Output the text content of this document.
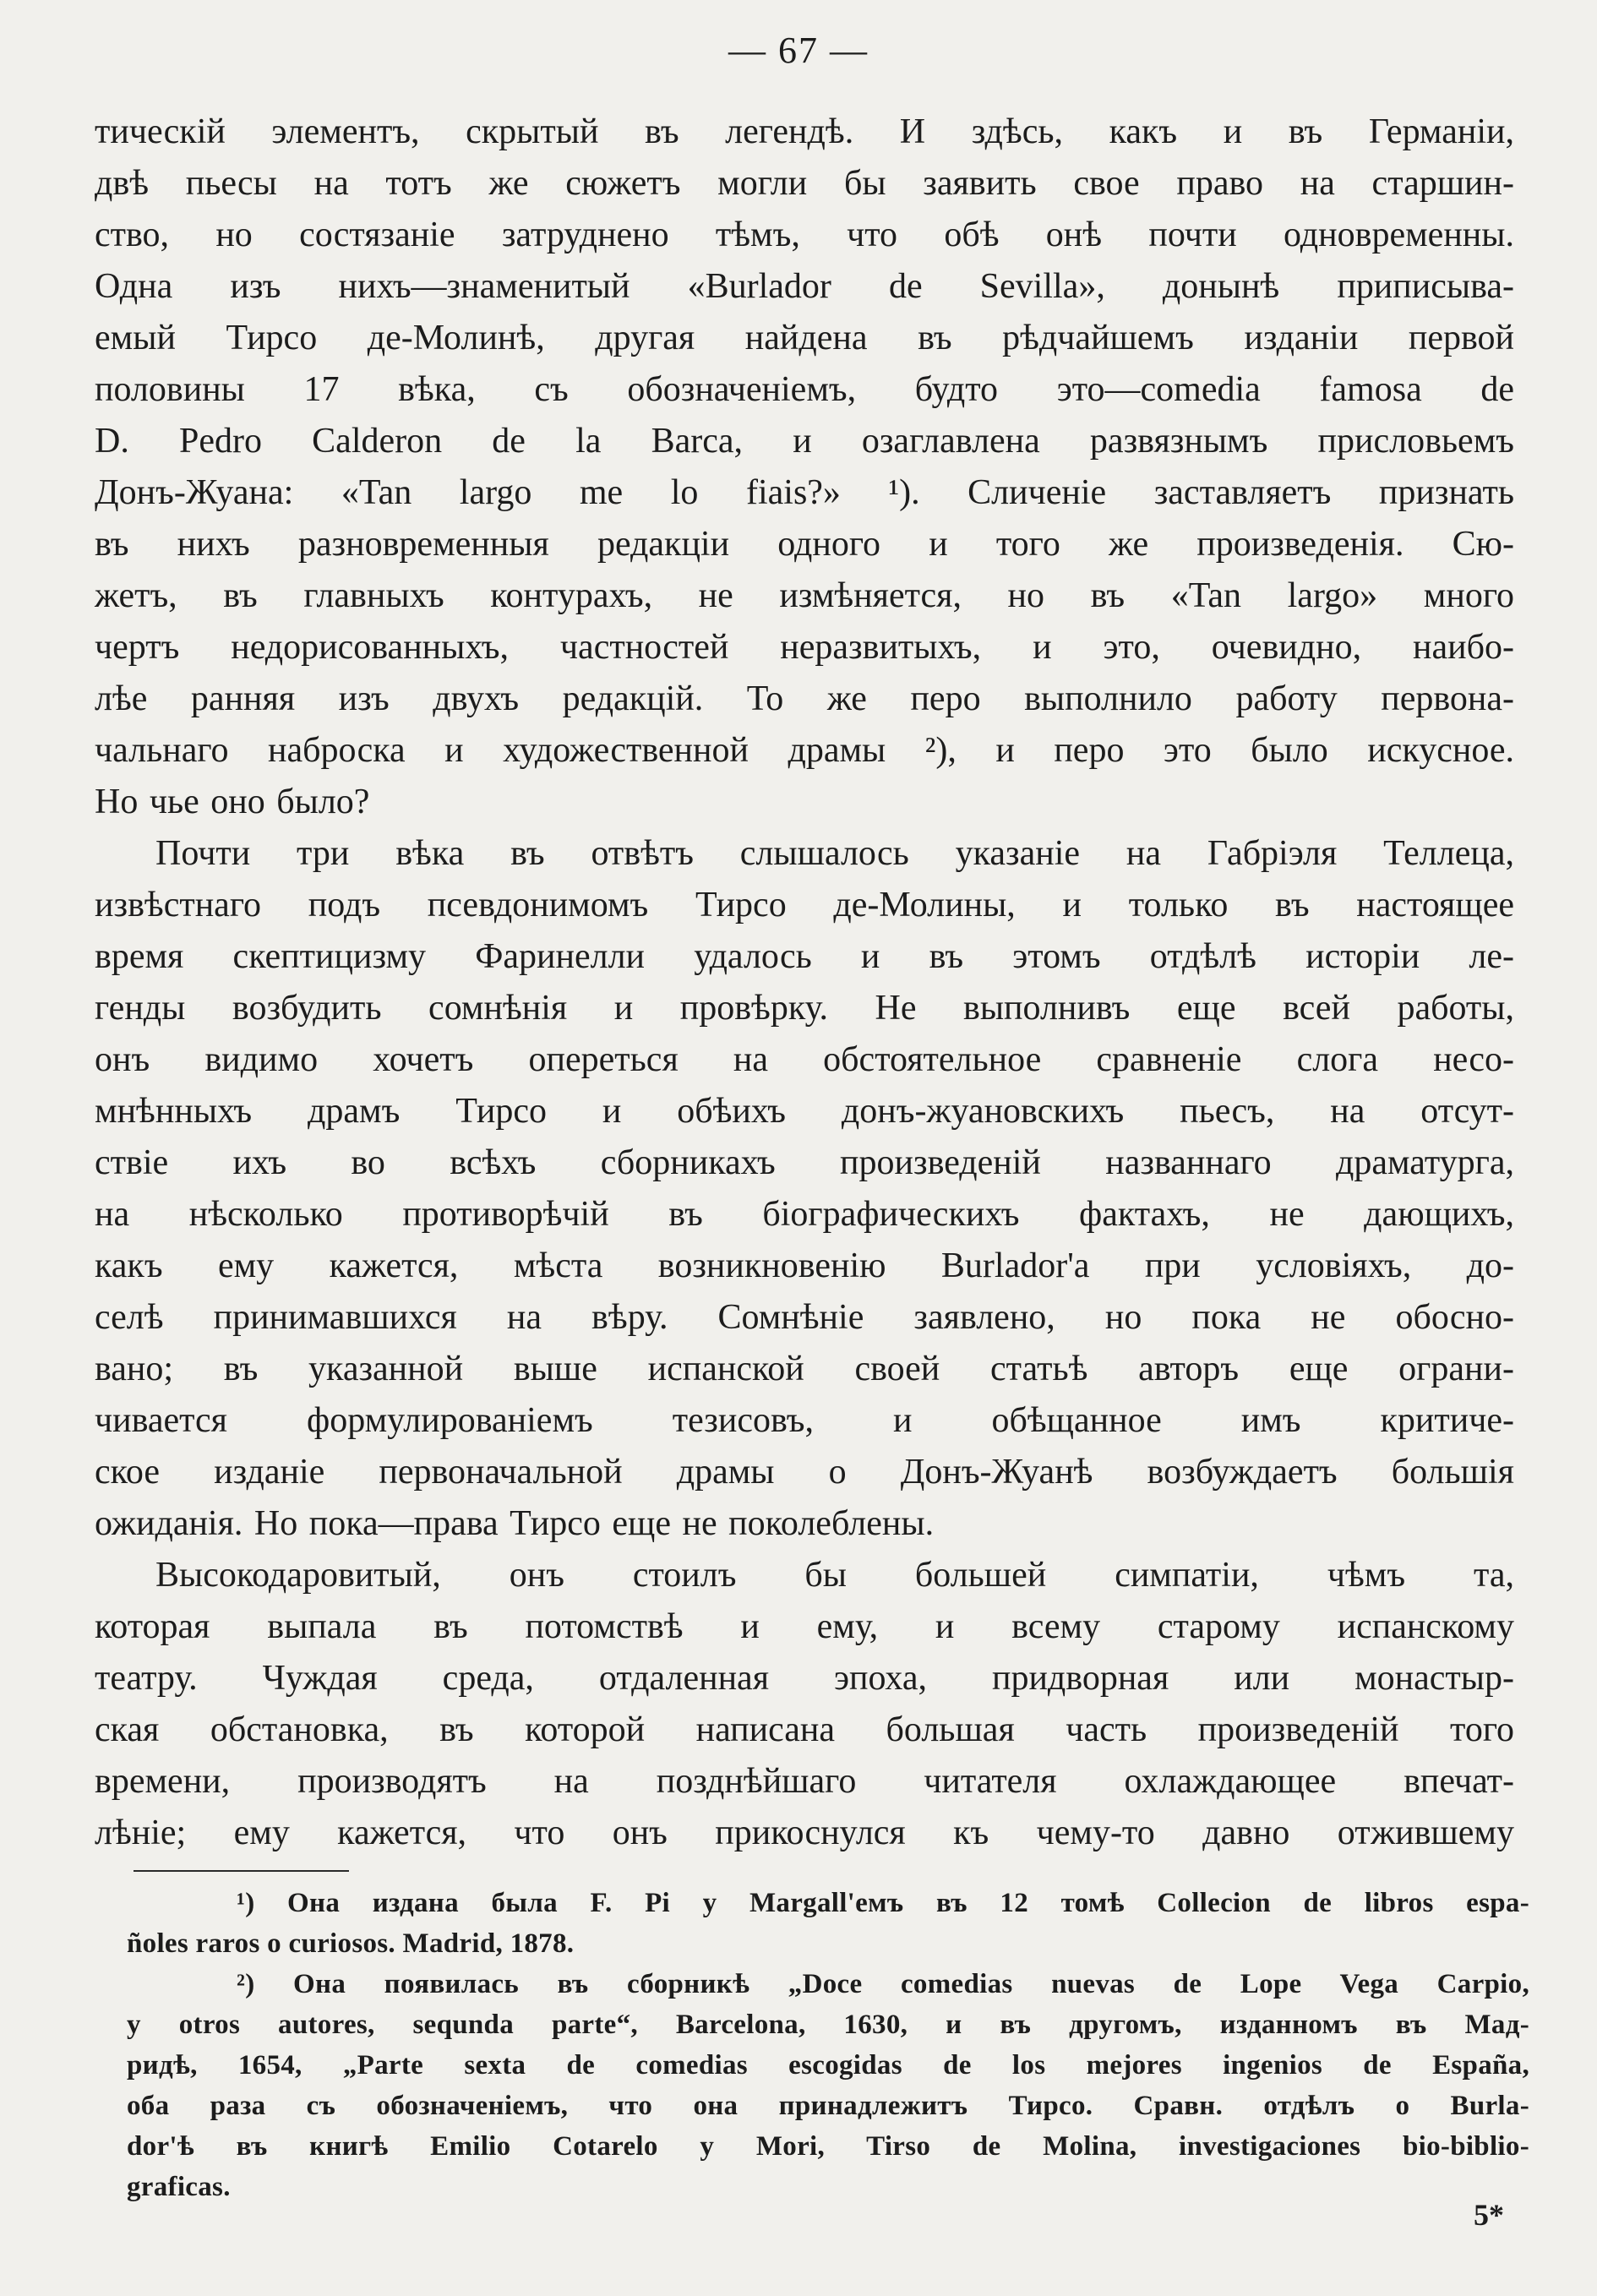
— 67 —
тическій элементъ, скрытый въ легендѣ. И здѣсь, какъ и въ Германіи,
двѣ пьесы на тотъ же сюжетъ могли бы заявить свое право на старшин-
ство, но состязаніе затруднено тѣмъ, что обѣ онѣ почти одновременны.
Одна изъ нихъ—знаменитый «Burlador de Sevilla», донынѣ приписыва-
емый Тирсо де-Молинѣ, другая найдена въ рѣдчайшемъ изданіи первой
половины 17 вѣка, съ обозначеніемъ, будто это—comedia famosa de
D. Pedro Calderon de la Barca, и озаглавлена развязнымъ присловьемъ
Донъ-Жуана: «Tan largo me lo fiais?» ¹). Сличеніе заставляетъ признать
въ нихъ разновременныя редакціи одного и того же произведенія. Сю-
жетъ, въ главныхъ контурахъ, не измѣняется, но въ «Tan largo» много
чертъ недорисованныхъ, частностей неразвитыхъ, и это, очевидно, наибо-
лѣе ранняя изъ двухъ редакцій. То же перо выполнило работу первона-
чальнаго наброска и художественной драмы ²), и перо это было искусное.
Но чье оно было?
Почти три вѣка въ отвѣтъ слышалось указаніе на Габріэля Теллеца,
извѣстнаго подъ псевдонимомъ Тирсо де-Молины, и только въ настоящее
время скептицизму Фаринелли удалось и въ этомъ отдѣлѣ исторіи ле-
генды возбудить сомнѣнія и провѣрку. Не выполнивъ еще всей работы,
онъ видимо хочетъ опереться на обстоятельное сравненіе слога несо-
мнѣнныхъ драмъ Тирсо и обѣихъ донъ-жуановскихъ пьесъ, на отсут-
ствіе ихъ во всѣхъ сборникахъ произведеній названнаго драматурга,
на нѣсколько противорѣчій въ біографическихъ фактахъ, не дающихъ,
какъ ему кажется, мѣста возникновенію Burlador'а при условіяхъ, до-
селѣ принимавшихся на вѣру. Сомнѣніе заявлено, но пока не обосно-
вано; въ указанной выше испанской своей статьѣ авторъ еще ограни-
чивается формулированіемъ тезисовъ, и обѣщанное имъ критиче-
ское изданіе первоначальной драмы о Донъ-Жуанѣ возбуждаетъ большія
ожиданія. Но пока—права Тирсо еще не поколеблены.
Высокодаровитый, онъ стоилъ бы большей симпатіи, чѣмъ та,
которая выпала въ потомствѣ и ему, и всему старому испанскому
театру. Чуждая среда, отдаленная эпоха, придворная или монастыр-
ская обстановка, въ которой написана большая часть произведеній того
времени, производятъ на позднѣйшаго читателя охлаждающее впечат-
лѣніе; ему кажется, что онъ прикоснулся къ чему-то давно отжившему
¹) Она издана была F. Pi y Margall'емъ въ 12 томѣ Collecion de libros espa-
ñoles raros o curiosos. Madrid, 1878.
²) Она появилась въ сборникѣ „Doce comedias nuevas de Lope Vega Carpio,
y otros autores, sequnda parte“, Barcelona, 1630, и въ другомъ, изданномъ въ Мад-
ридѣ, 1654, „Parte sexta de comedias escogidas de los mejores ingenios de España,
оба раза съ обозначеніемъ, что она принадлежитъ Тирсо. Сравн. отдѣлъ о Burla-
dor'ѣ въ книгѣ Emilio Cotarelo y Mori, Tirso de Molina, investigaciones bio-biblio-
graficas.
5*
